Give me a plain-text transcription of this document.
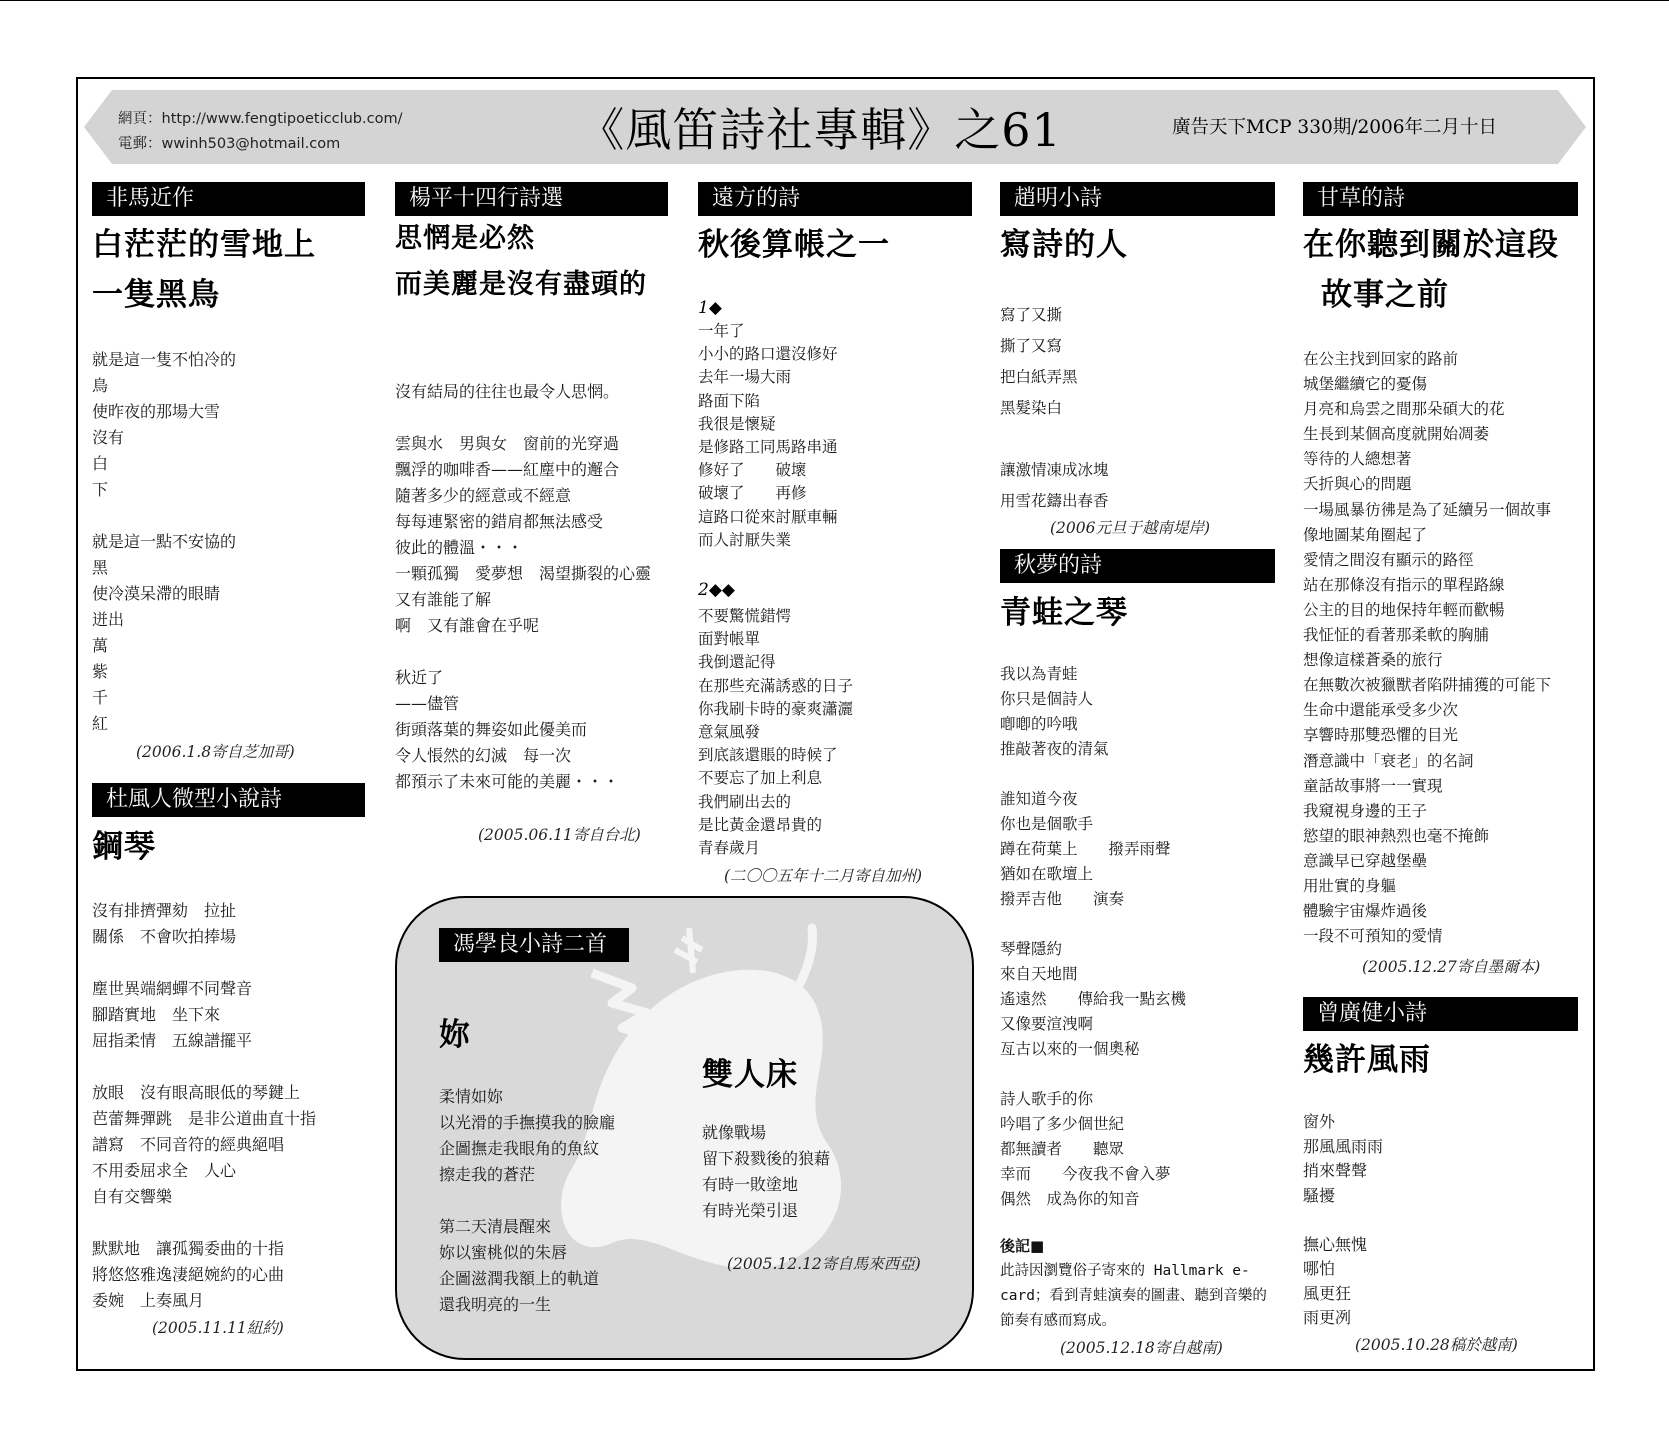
網頁：http://www.fengtipoeticclub.com/
電郵：wwinh503@hotmail.com	《風笛詩社專輯》之61	廣告天下MCP 330期/2006年二月十日
非馬近作
白茫茫的雪地上
一隻黑鳥
就是這一隻不怕冷的
鳥
使昨夜的那場大雪
沒有
白
下
就是這一點不安協的
黑
使冷漠呆滯的眼睛
迸出
萬
紫
千
紅
(2006.1.8寄自芝加哥)
杜風人微型小說詩
鋼琴
沒有排擠彈劾　拉扯
關係　不會吹拍捧場
塵世異端網蟬不同聲音
腳踏實地　坐下來
屈指柔情　五線譜擺平
放眼　沒有眼高眼低的琴鍵上
芭蕾舞彈跳　是非公道曲直十指
譜寫　不同音符的經典絕唱
不用委屈求全　人心
自有交響樂
默默地　讓孤獨委曲的十指
將悠悠雅逸淒絕婉約的心曲
委婉　上奏風月
(2005.11.11紐約)
楊平十四行詩選
思惘是必然
而美麗是沒有盡頭的
沒有結局的往往也最令人思惘。
雲與水　男與女　窗前的光穿過
飄浮的咖啡香——紅塵中的邂合
隨著多少的經意或不經意
每每連緊密的錯肩都無法感受
彼此的體溫・・・
一顆孤獨　愛夢想　渴望撕裂的心靈
又有誰能了解
啊　又有誰會在乎呢
秋近了
——儘管
街頭落葉的舞姿如此優美而
令人悵然的幻滅　每一次
都預示了未來可能的美麗・・・
(2005.06.11寄自台北)
遠方的詩
秋後算帳之一
1◆
一年了
小小的路口還沒修好
去年一場大雨
路面下陷
我很是懷疑
是修路工同馬路串通
修好了　　破壞
破壞了　　再修
這路口從來討厭車輛
而人討厭失業
2◆◆
不要驚慌錯愕
面對帳單
我倒還記得
在那些充滿誘惑的日子
你我刷卡時的豪爽瀟灑
意氣風發
到底該還賬的時候了
不要忘了加上利息
我們刷出去的
是比黃金還昂貴的
青春歲月
(二〇〇五年十二月寄自加州)
馮學良小詩二首
妳
柔情如妳
以光滑的手撫摸我的臉龐
企圖撫走我眼角的魚紋
擦走我的蒼茫
第二天清晨醒來
妳以蜜桃似的朱唇
企圖滋潤我額上的軌道
還我明亮的一生
雙人床
就像戰場
留下殺戮後的狼藉
有時一敗塗地
有時光榮引退
(2005.12.12寄自馬來西亞)
趙明小詩
寫詩的人
寫了又撕
撕了又寫
把白紙弄黑
黑髮染白
讓激情凍成冰塊
用雪花鑄出春香
(2006元旦于越南堤岸)
秋夢的詩
青蛙之琴
我以為青蛙
你只是個詩人
喞喞的吟哦
推敲著夜的清氣
誰知道今夜
你也是個歌手
蹲在荷葉上　　撥弄雨聲
猶如在歌壇上
撥弄吉他　　演奏
琴聲隱約
來自天地間
遙遠然　　傳給我一點玄機
又像要渲洩啊
亙古以來的一個奧秘
詩人歌手的你
吟唱了多少個世紀
都無讀者　　聽眾
幸而　　今夜我不會入夢
偶然　成為你的知音
後記■
此詩因瀏覽俗子寄來的 Hallmark e-card；看到青蛙演奏的圖畫、聽到音樂的節奏有感而寫成。
(2005.12.18寄自越南)
甘草的詩
在你聽到關於這段
故事之前
在公主找到回家的路前
城堡繼續它的憂傷
月亮和烏雲之間那朵碩大的花
生長到某個高度就開始凋萎
等待的人總想著
夭折與心的問題
一場風暴彷彿是為了延續另一個故事
像地圖某角圈起了
愛情之間沒有顯示的路徑
站在那條沒有指示的單程路線
公主的目的地保持年輕而歡暢
我怔怔的看著那柔軟的胸脯
想像這樣蒼桑的旅行
在無數次被獵獸者陷阱捕獲的可能下
生命中還能承受多少次
享響時那雙恐懼的目光
潛意識中「衰老」的名詞
童話故事將一一實現
我窺視身邊的王子
慾望的眼神熱烈也毫不掩飾
意識早已穿越堡壘
用壯實的身軀
體驗宇宙爆炸過後
一段不可預知的愛情
(2005.12.27寄自墨爾本)
曾廣健小詩
幾許風雨
窗外
那風風雨雨
捎來聲聲
騷擾
撫心無愧
哪怕
風更狂
雨更冽
(2005.10.28稿於越南)
